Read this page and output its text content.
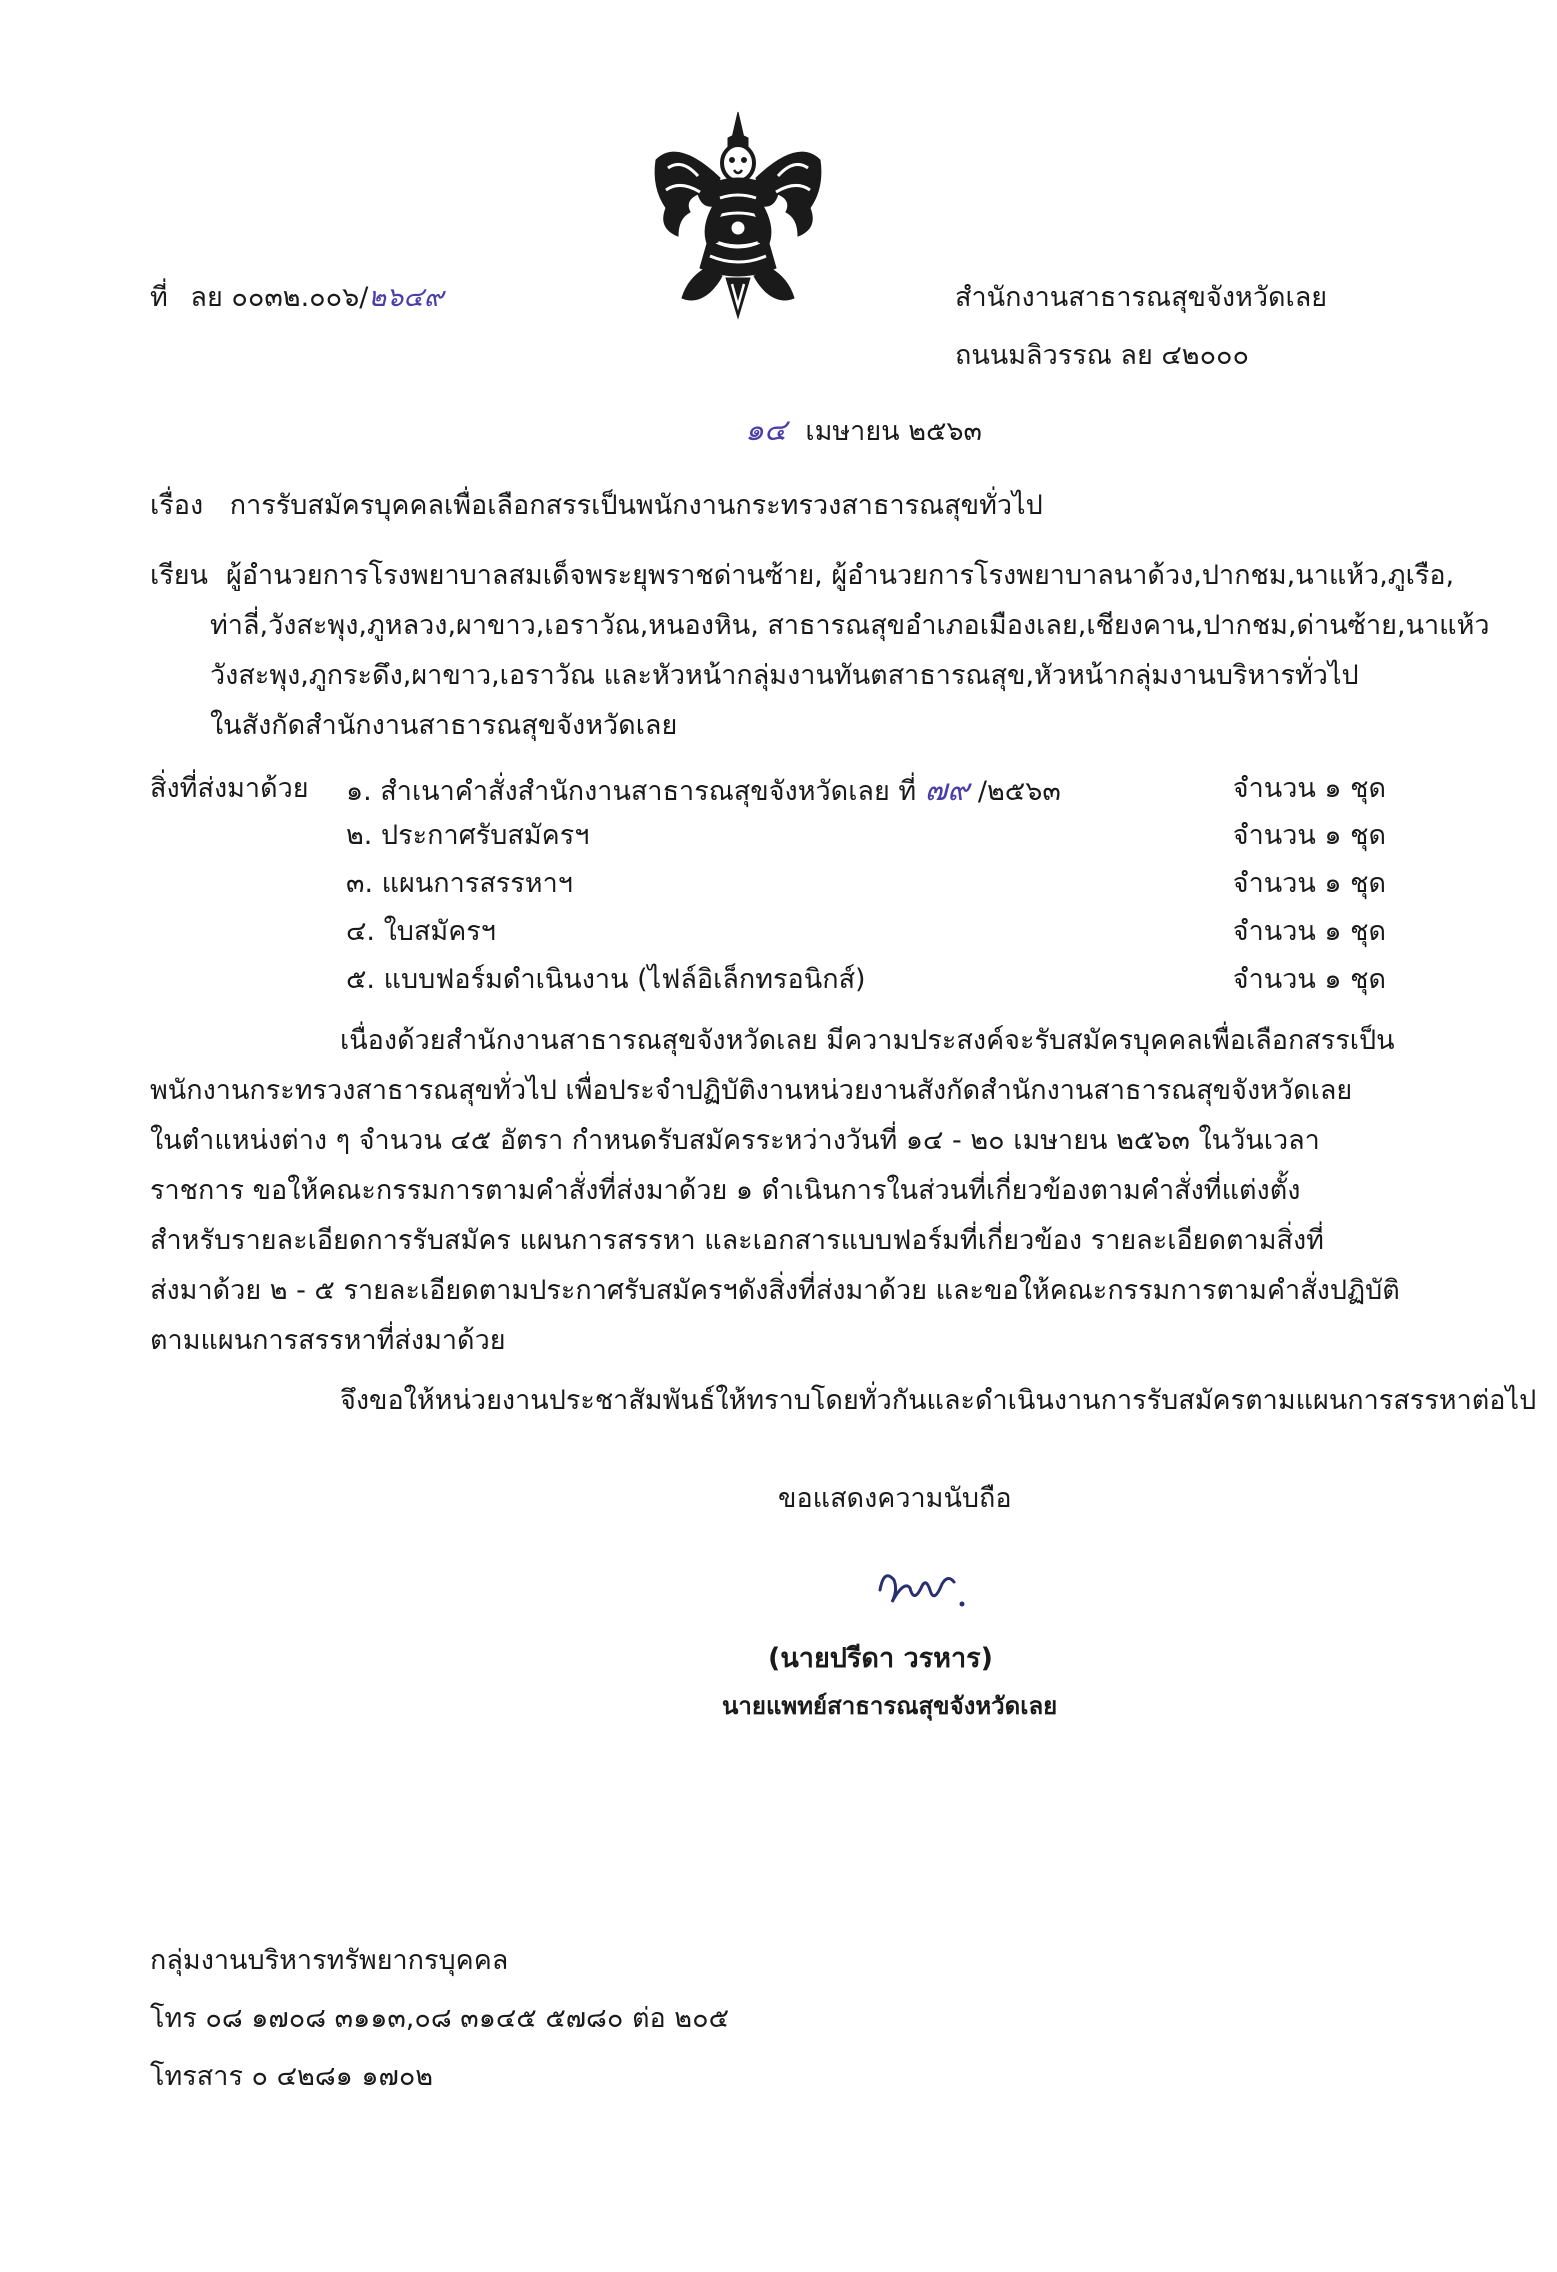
ที่ ลย ๐๐๓๒.๐๐๖/๒๖๔๙	สำนักงานสาธารณสุขจังหวัดเลย
ถนนมลิวรรณ ลย ๔๒๐๐๐
๑๔ เมษายน ๒๕๖๓
เรื่อง การรับสมัครบุคคลเพื่อเลือกสรรเป็นพนักงานกระทรวงสาธารณสุขทั่วไป
เรียน ผู้อำนวยการโรงพยาบาลสมเด็จพระยุพราชด่านซ้าย, ผู้อำนวยการโรงพยาบาลนาด้วง,ปากชม,นาแห้ว,ภูเรือ,
ท่าลี่,วังสะพุง,ภูหลวง,ผาขาว,เอราวัณ,หนองหิน, สาธารณสุขอำเภอเมืองเลย,เชียงคาน,ปากชม,ด่านซ้าย,นาแห้ว
วังสะพุง,ภูกระดึง,ผาขาว,เอราวัณ และหัวหน้ากลุ่มงานทันตสาธารณสุข,หัวหน้ากลุ่มงานบริหารทั่วไป
ในสังกัดสำนักงานสาธารณสุขจังหวัดเลย
สิ่งที่ส่งมาด้วย ๑. สำเนาคำสั่งสำนักงานสาธารณสุขจังหวัดเลย ที่ ๗๙ /๒๕๖๓	จำนวน ๑ ชุด
๒. ประกาศรับสมัครฯ	จำนวน ๑ ชุด
๓. แผนการสรรหาฯ	จำนวน ๑ ชุด
๔. ใบสมัครฯ	จำนวน ๑ ชุด
๕. แบบฟอร์มดำเนินงาน (ไฟล์อิเล็กทรอนิกส์)	จำนวน ๑ ชุด
เนื่องด้วยสำนักงานสาธารณสุขจังหวัดเลย มีความประสงค์จะรับสมัครบุคคลเพื่อเลือกสรรเป็น
พนักงานกระทรวงสาธารณสุขทั่วไป เพื่อประจำปฏิบัติงานหน่วยงานสังกัดสำนักงานสาธารณสุขจังหวัดเลย
ในตำแหน่งต่าง ๆ จำนวน ๔๕ อัตรา กำหนดรับสมัครระหว่างวันที่ ๑๔ - ๒๐ เมษายน ๒๕๖๓ ในวันเวลา
ราชการ ขอให้คณะกรรมการตามคำสั่งที่ส่งมาด้วย ๑ ดำเนินการในส่วนที่เกี่ยวข้องตามคำสั่งที่แต่งตั้ง
สำหรับรายละเอียดการรับสมัคร แผนการสรรหา และเอกสารแบบฟอร์มที่เกี่ยวข้อง รายละเอียดตามสิ่งที่
ส่งมาด้วย ๒ - ๕ รายละเอียดตามประกาศรับสมัครฯดังสิ่งที่ส่งมาด้วย และขอให้คณะกรรมการตามคำสั่งปฏิบัติ
ตามแผนการสรรหาที่ส่งมาด้วย
จึงขอให้หน่วยงานประชาสัมพันธ์ให้ทราบโดยทั่วกันและดำเนินงานการรับสมัครตามแผนการสรรหาต่อไป
ขอแสดงความนับถือ
(นายปรีดา วรหาร)
นายแพทย์สาธารณสุขจังหวัดเลย
กลุ่มงานบริหารทรัพยากรบุคคล
โทร ๐๘ ๑๗๐๘ ๓๑๑๓,๐๘ ๓๑๔๕ ๕๗๘๐ ต่อ ๒๐๕
โทรสาร ๐ ๔๒๘๑ ๑๗๐๒
